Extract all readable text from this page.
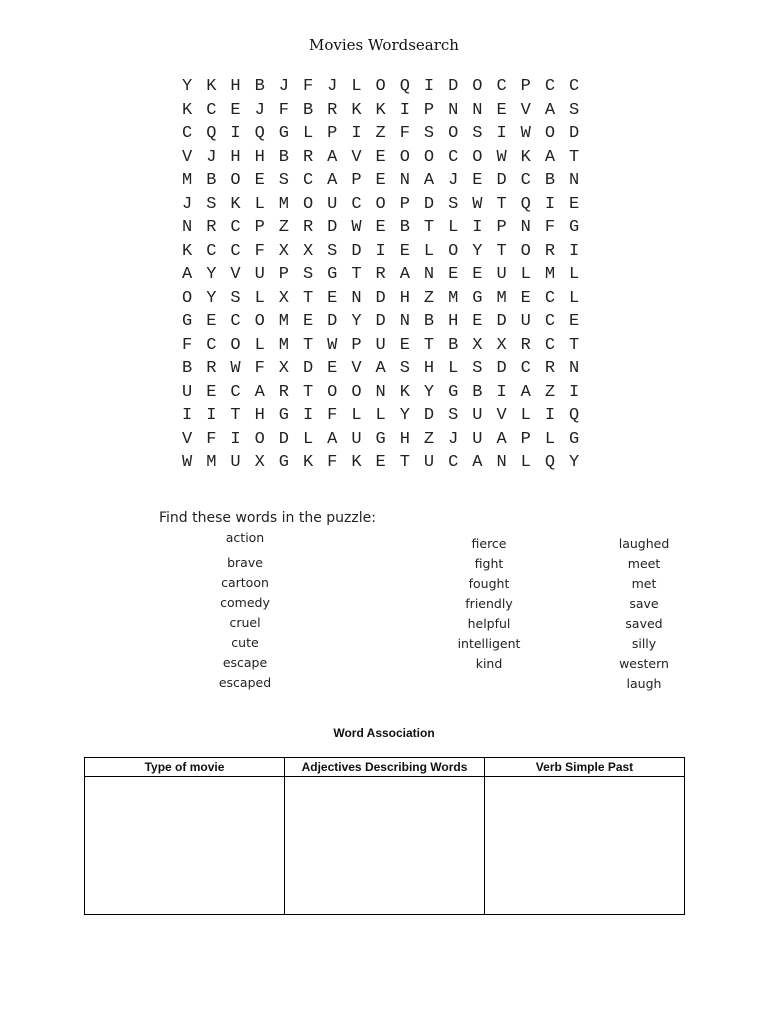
Movies Wordsearch
Y K H B J F J L O Q I D O C P C C
K C E J F B R K K I P N N E V A S
C Q I Q G L P I Z F S O S I W O D
V J H H B R A V E O O C O W K A T
M B O E S C A P E N A J E D C B N
J S K L M O U C O P D S W T Q I E
N R C P Z R D W E B T L I P N F G
K C C F X X S D I E L O Y T O R I
A Y V U P S G T R A N E E U L M L
O Y S L X T E N D H Z M G M E C L
G E C O M E D Y D N B H E D U C E
F C O L M T W P U E T B X X R C T
B R W F X D E V A S H L S D C R N
U E C A R T O O N K Y G B I A Z I
I I T H G I F L L Y D S U V L I Q
V F I O D L A U G H Z J U A P L G
W M U X G K F K E T U C A N L Q Y
Find these words in the puzzle:
action
brave
cartoon
comedy
cruel
cute
escape
escaped
fierce
fight
fought
friendly
helpful
intelligent
kind
laughed
meet
met
save
saved
silly
western
laugh
Word Association
Type of movie	Adjectives Describing Words	Verb Simple Past
